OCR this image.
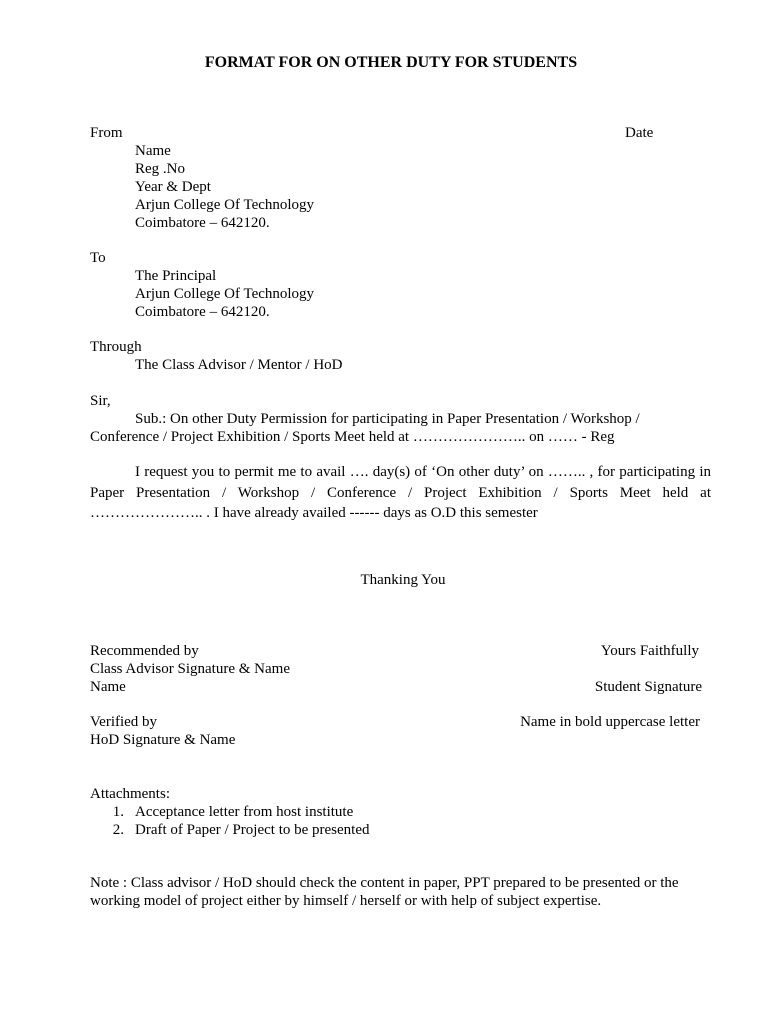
FORMAT FOR ON OTHER DUTY FOR STUDENTS
From
Name
Reg .No
Year & Dept
Arjun College Of Technology
Coimbatore – 642120.
Date
To
The Principal
Arjun College Of Technology
Coimbatore – 642120.
Through
The Class Advisor / Mentor / HoD
Sir,
Sub.: On other Duty Permission for participating in Paper Presentation / Workshop /
Conference / Project Exhibition / Sports Meet held at ………………….. on …… - Reg
I request you to permit me to avail …. day(s) of ‘On other duty’ on …….. , for participating in Paper Presentation / Workshop / Conference / Project Exhibition / Sports Meet held at ………………….. . I have already availed ------ days as O.D this semester
Thanking You
Recommended by
Class Advisor Signature & Name
Name
Verified by
HoD Signature & Name
Yours Faithfully
Student Signature
Name in bold uppercase letter
Attachments:
1. Acceptance letter from host institute
2. Draft of Paper / Project to be presented
Note : Class advisor / HoD should check the content in paper, PPT prepared to be presented or the
working model of project either by himself / herself or with help of subject expertise.
